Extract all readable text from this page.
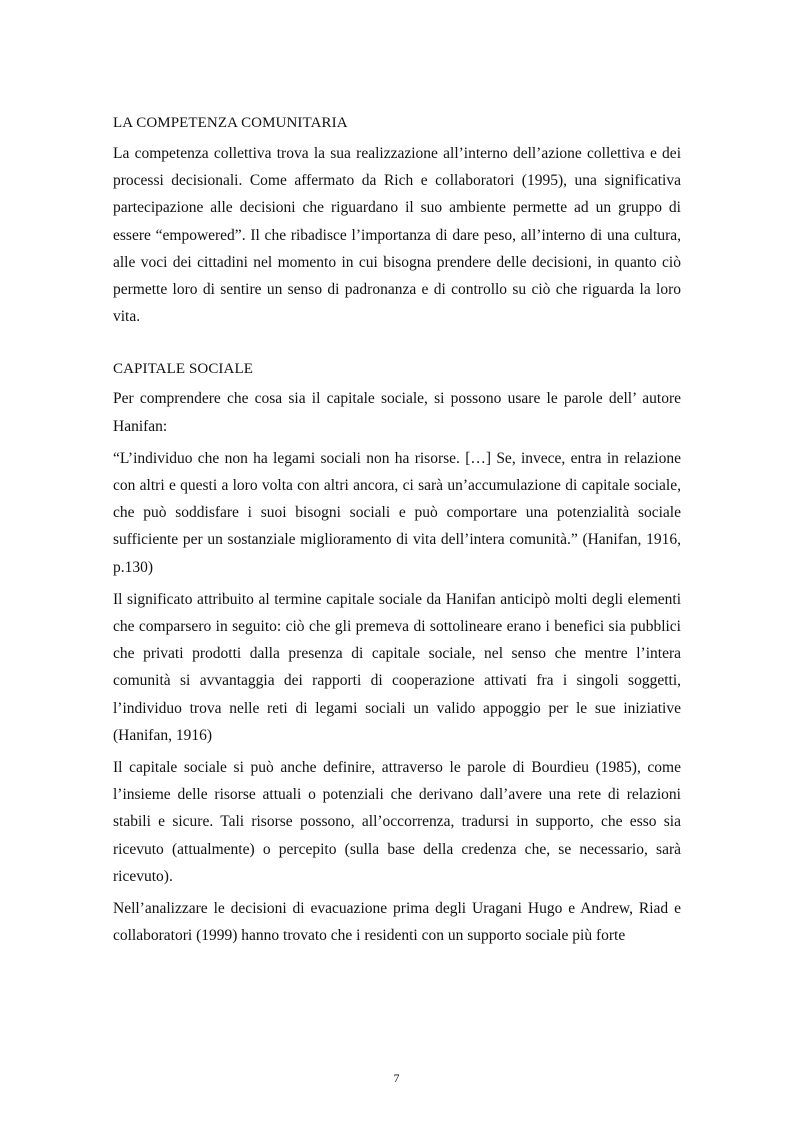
LA COMPETENZA COMUNITARIA

La competenza collettiva trova la sua realizzazione all’interno dell’azione collettiva e dei processi decisionali. Come affermato da Rich e collaboratori (1995), una significativa partecipazione alle decisioni che riguardano il suo ambiente permette ad un gruppo di essere “empowered”. Il che ribadisce l’importanza di dare peso, all’interno di una cultura, alle voci dei cittadini nel momento in cui bisogna prendere delle decisioni, in quanto ciò permette loro di sentire un senso di padronanza e di controllo su ciò che riguarda la loro vita.

CAPITALE SOCIALE

Per comprendere che cosa sia il capitale sociale, si possono usare le parole dell’ autore Hanifan:

“L’individuo che non ha legami sociali non ha risorse. […] Se, invece, entra in relazione con altri e questi a loro volta con altri ancora, ci sarà un’accumulazione di capitale sociale, che può soddisfare i suoi bisogni sociali e può comportare una potenzialità sociale sufficiente per un sostanziale miglioramento di vita dell’intera comunità.” (Hanifan, 1916, p.130)

Il significato attribuito al termine capitale sociale da Hanifan anticipò molti degli elementi che comparsero in seguito: ciò che gli premeva di sottolineare erano i benefici sia pubblici che privati prodotti dalla presenza di capitale sociale, nel senso che mentre l’intera comunità si avvantaggia dei rapporti di cooperazione attivati fra i singoli soggetti, l’individuo trova nelle reti di legami sociali un valido appoggio per le sue iniziative (Hanifan, 1916)

Il capitale sociale si può anche definire, attraverso le parole di Bourdieu (1985), come l’insieme delle risorse attuali o potenziali che derivano dall’avere una rete di relazioni stabili e sicure. Tali risorse possono, all’occorrenza, tradursi in supporto, che esso sia ricevuto (attualmente) o percepito (sulla base della credenza che, se necessario, sarà ricevuto).

Nell’analizzare le decisioni di evacuazione prima degli Uragani Hugo e Andrew, Riad e collaboratori (1999) hanno trovato che i residenti con un supporto sociale più forte

7
